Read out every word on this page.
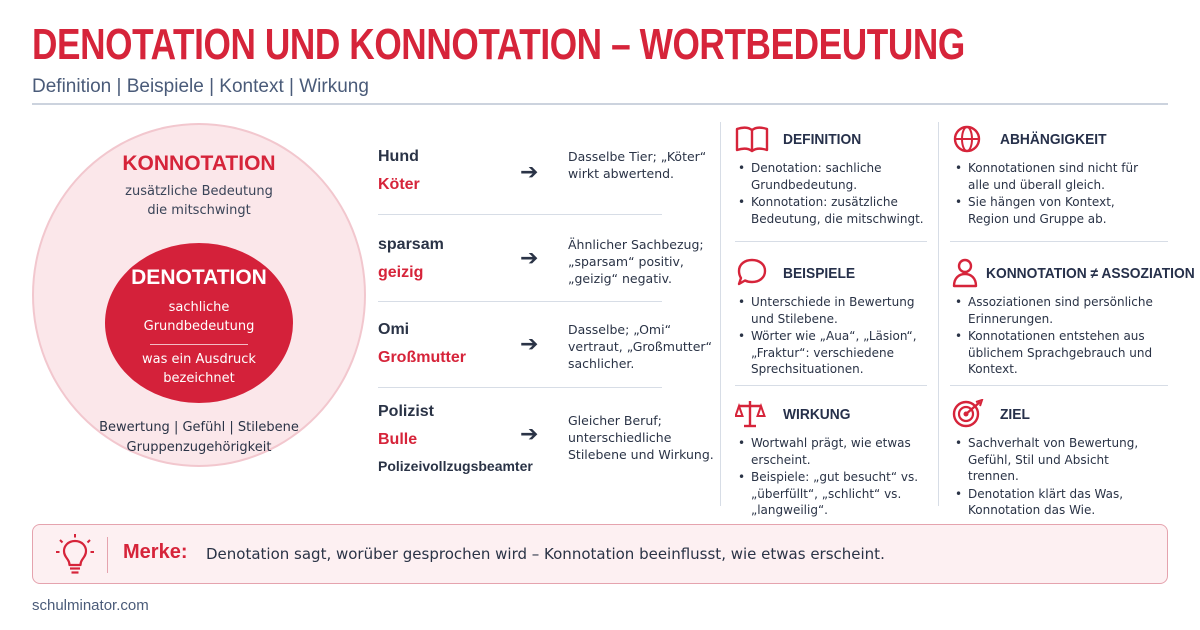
DENOTATION UND KONNOTATION – WORTBEDEUTUNG
Definition | Beispiele | Kontext | Wirkung
KONNOTATION
zusätzliche Bedeutung
die mitschwingt
DENOTATION
sachliche
Grundbedeutung
was ein Ausdruck
bezeichnet
Bewertung | Gefühl | Stilebene
Gruppenzugehörigkeit
Hund
Köter	➔
Dasselbe Tier; „Köter“ wirkt abwertend.
sparsam
geizig
➔
Ähnlicher Sachbezug; „sparsam“ positiv, „geizig“ negativ.
Omi
Großmutter
➔
Dasselbe; „Omi“ vertraut, „Großmutter“ sachlicher.
Polizist
Bulle
Polizeivollzugsbeamter
➔
Gleicher Beruf; unterschiedliche Stilebene und Wirkung.
DEFINITION
• Denotation: sachliche Grundbedeutung.
• Konnotation: zusätzliche Bedeutung, die mitschwingt.
ABHÄNGIGKEIT
• Konnotationen sind nicht für alle und überall gleich.
• Sie hängen von Kontext, Region und Gruppe ab.
BEISPIELE
• Unterschiede in Bewertung und Stilebene.
• Wörter wie „Aua“, „Läsion“, „Fraktur“: verschiedene Sprechsituationen.
KONNOTATION ≠ ASSOZIATION
• Assoziationen sind persönliche Erinnerungen.
• Konnotationen entstehen aus üblichem Sprachgebrauch und Kontext.
WIRKUNG
• Wortwahl prägt, wie etwas erscheint.
• Beispiele: „gut besucht“ vs. „überfüllt“, „schlicht“ vs. „langweilig“.
ZIEL
• Sachverhalt von Bewertung, Gefühl, Stil und Absicht trennen.
• Denotation klärt das Was, Konnotation das Wie.
Merke: Denotation sagt, worüber gesprochen wird – Konnotation beeinflusst, wie etwas erscheint.
schulminator.com
